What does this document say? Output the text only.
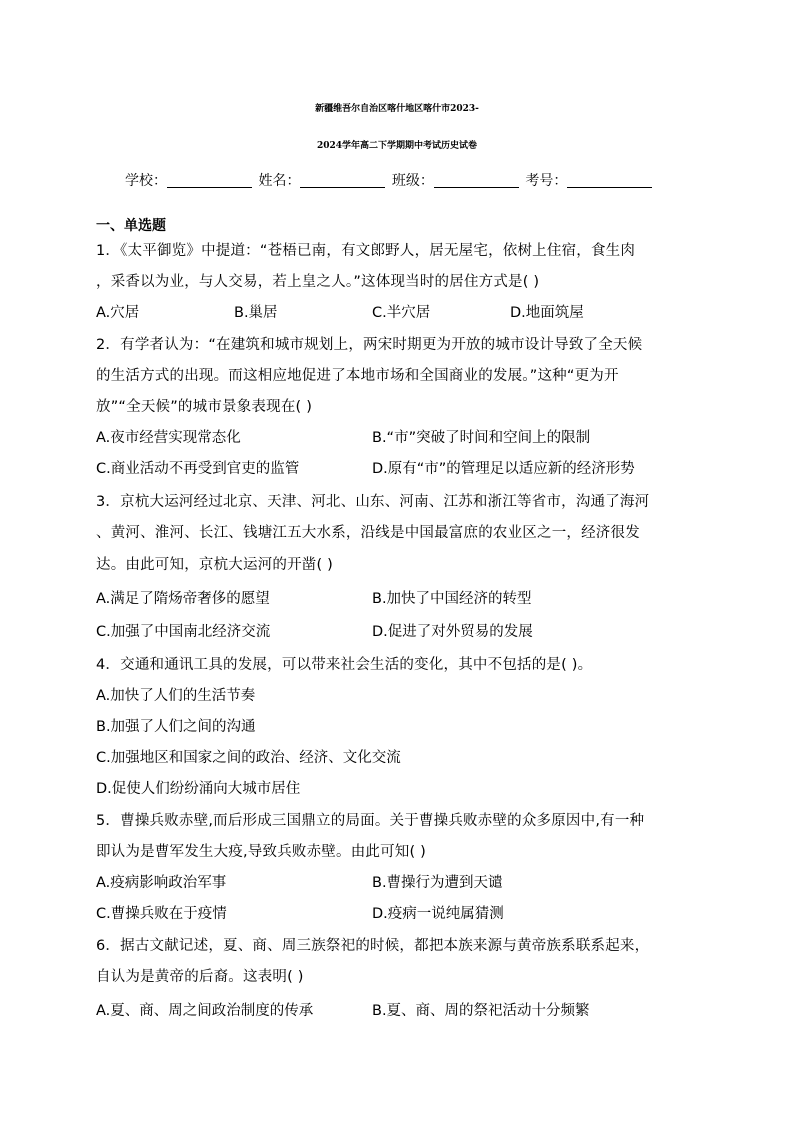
新疆维吾尔自治区喀什地区喀什市2023-
2024学年高二下学期期中考试历史试卷
学校：	姓名：	班级：	考号：
一、单选题
1．《太平御览》中提道：“苍梧已南，有文郎野人，居无屋宅，依树上住宿，食生肉
，采香以为业，与人交易，若上皇之人。”这体现当时的居住方式是( )
A.穴居	B.巢居	C.半穴居	D.地面筑屋
2．有学者认为：“在建筑和城市规划上，两宋时期更为开放的城市设计导致了全天候
的生活方式的出现。而这相应地促进了本地市场和全国商业的发展。”这种“更为开
放”“全天候”的城市景象表现在( )
A.夜市经营实现常态化	B.“市”突破了时间和空间上的限制
C.商业活动不再受到官吏的监管	D.原有“市”的管理足以适应新的经济形势
3．京杭大运河经过北京、天津、河北、山东、河南、江苏和浙江等省市，沟通了海河
、黄河、淮河、长江、钱塘江五大水系，沿线是中国最富庶的农业区之一，经济很发
达。由此可知，京杭大运河的开凿( )
A.满足了隋炀帝奢侈的愿望	B.加快了中国经济的转型
C.加强了中国南北经济交流	D.促进了对外贸易的发展
4．交通和通讯工具的发展，可以带来社会生活的变化，其中不包括的是( )。
A.加快了人们的生活节奏
B.加强了人们之间的沟通
C.加强地区和国家之间的政治、经济、文化交流
D.促使人们纷纷涌向大城市居住
5．曹操兵败赤壁,而后形成三国鼎立的局面。关于曹操兵败赤壁的众多原因中,有一种
即认为是曹军发生大疫,导致兵败赤壁。由此可知( )
A.疫病影响政治军事	B.曹操行为遭到天谴
C.曹操兵败在于疫情	D.疫病一说纯属猜测
6．据古文献记述，夏、商、周三族祭祀的时候，都把本族来源与黄帝族系联系起来，
自认为是黄帝的后裔。这表明( )
A.夏、商、周之间政治制度的传承	B.夏、商、周的祭祀活动十分频繁
